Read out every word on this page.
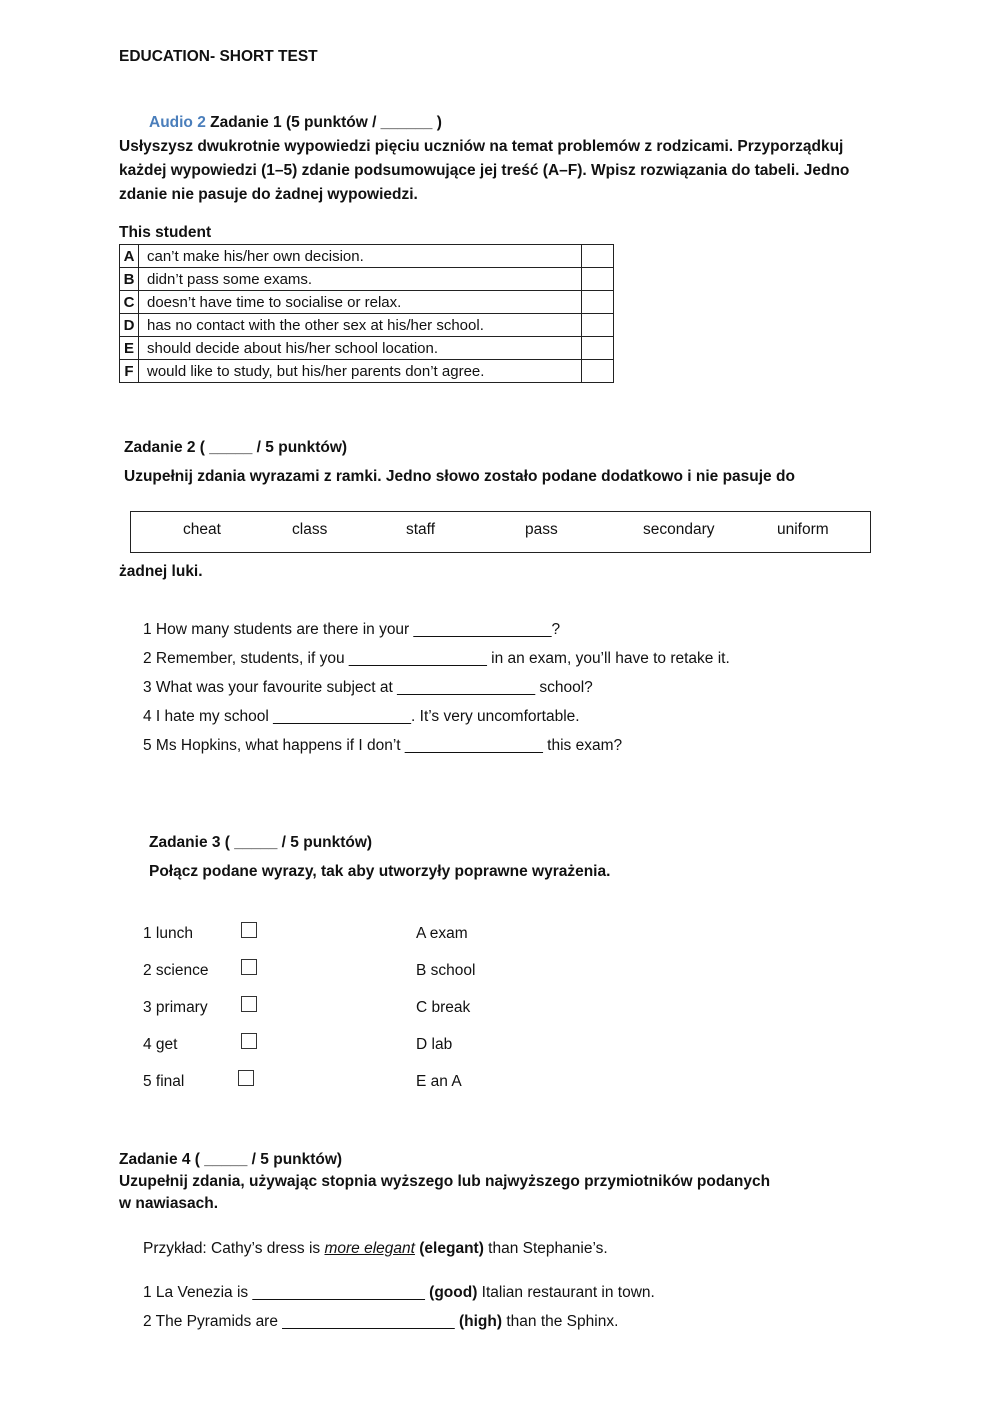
EDUCATION- SHORT TEST
Audio 2 Zadanie 1 (5 punktów / ______ )
Usłyszysz dwukrotnie wypowiedzi pięciu uczniów na temat problemów z rodzicami. Przyporządkuj
każdej wypowiedzi (1–5) zdanie podsumowujące jej treść (A–F). Wpisz rozwiązania do tabeli. Jedno
zdanie nie pasuje do żadnej wypowiedzi.
This student
A	can’t make his/her own decision.	
B	didn’t pass some exams.	
C	doesn’t have time to socialise or relax.	
D	has no contact with the other sex at his/her school.	
E	should decide about his/her school location.	
F	would like to study, but his/her parents don’t agree.	
Zadanie 2 ( _____ / 5 punktów)
Uzupełnij zdania wyrazami z ramki. Jedno słowo zostało podane dodatkowo i nie pasuje do
cheat	class	staff	pass	secondary	uniform
żadnej luki.
1 How many students are there in your ________________?
2 Remember, students, if you ________________ in an exam, you’ll have to retake it.
3 What was your favourite subject at ________________ school?
4 I hate my school ________________. It’s very uncomfortable.
5 Ms Hopkins, what happens if I don’t ________________ this exam?
Zadanie 3 ( _____ / 5 punktów)
Połącz podane wyrazy, tak aby utworzyły poprawne wyrażenia.
1 lunch
2 science
3 primary
4 get
5 final
A exam
B school
C break
D lab
E an A
Zadanie 4 ( _____ / 5 punktów)
Uzupełnij zdania, używając stopnia wyższego lub najwyższego przymiotników podanych
w nawiasach.
Przykład: Cathy’s dress is more elegant (elegant) than Stephanie’s.
1 La Venezia is ____________________ (good) Italian restaurant in town.
2 The Pyramids are ____________________ (high) than the Sphinx.
